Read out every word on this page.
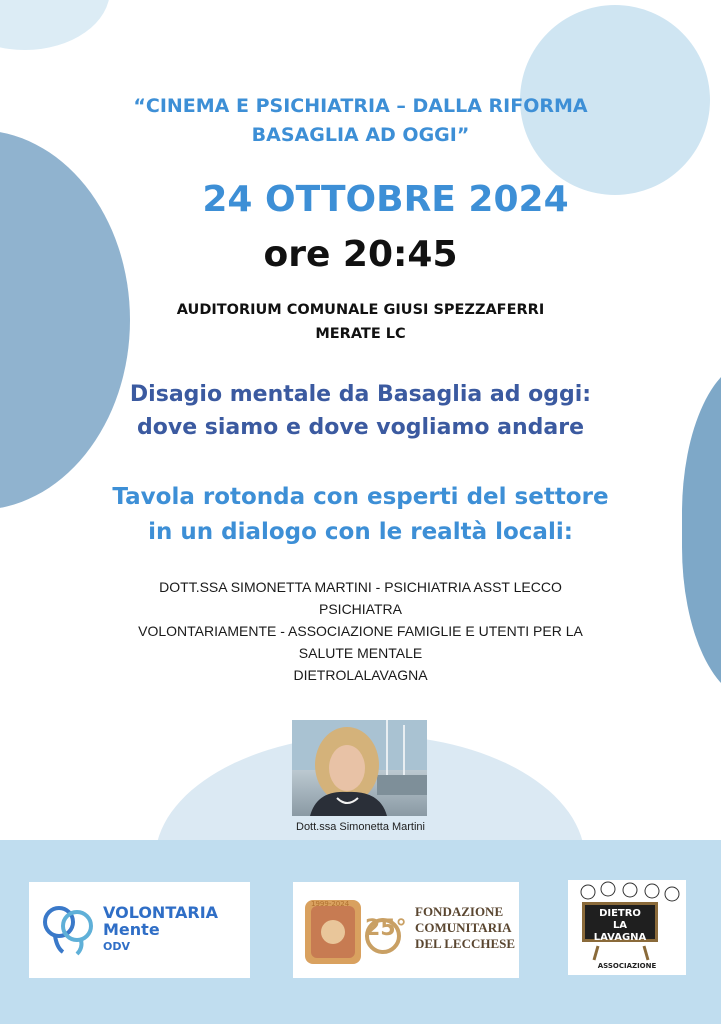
“CINEMA E PSICHIATRIA – DALLA RIFORMA
BASAGLIA AD OGGI”
24 OTTOBRE 2024
ore 20:45
AUDITORIUM COMUNALE GIUSI SPEZZAFERRI
MERATE LC
Disagio mentale da Basaglia ad oggi:
dove siamo e dove vogliamo andare
Tavola rotonda con esperti del settore
in un dialogo con le realtà locali:
DOTT.SSA SIMONETTA MARTINI - PSICHIATRIA ASST LECCO
PSICHIATRA
VOLONTARIAMENTE - ASSOCIAZIONE FAMIGLIE E UTENTI PER LA
SALUTE MENTALE
DIETROLALAVAGNA
Dott.ssa Simonetta Martini
VOLONTARIA
Mente
ODV
1999-2024
25°
FONDAZIONE
COMUNITARIA
DEL LECCHESE
DIETRO
LA
LAVAGNA
ASSOCIAZIONE
